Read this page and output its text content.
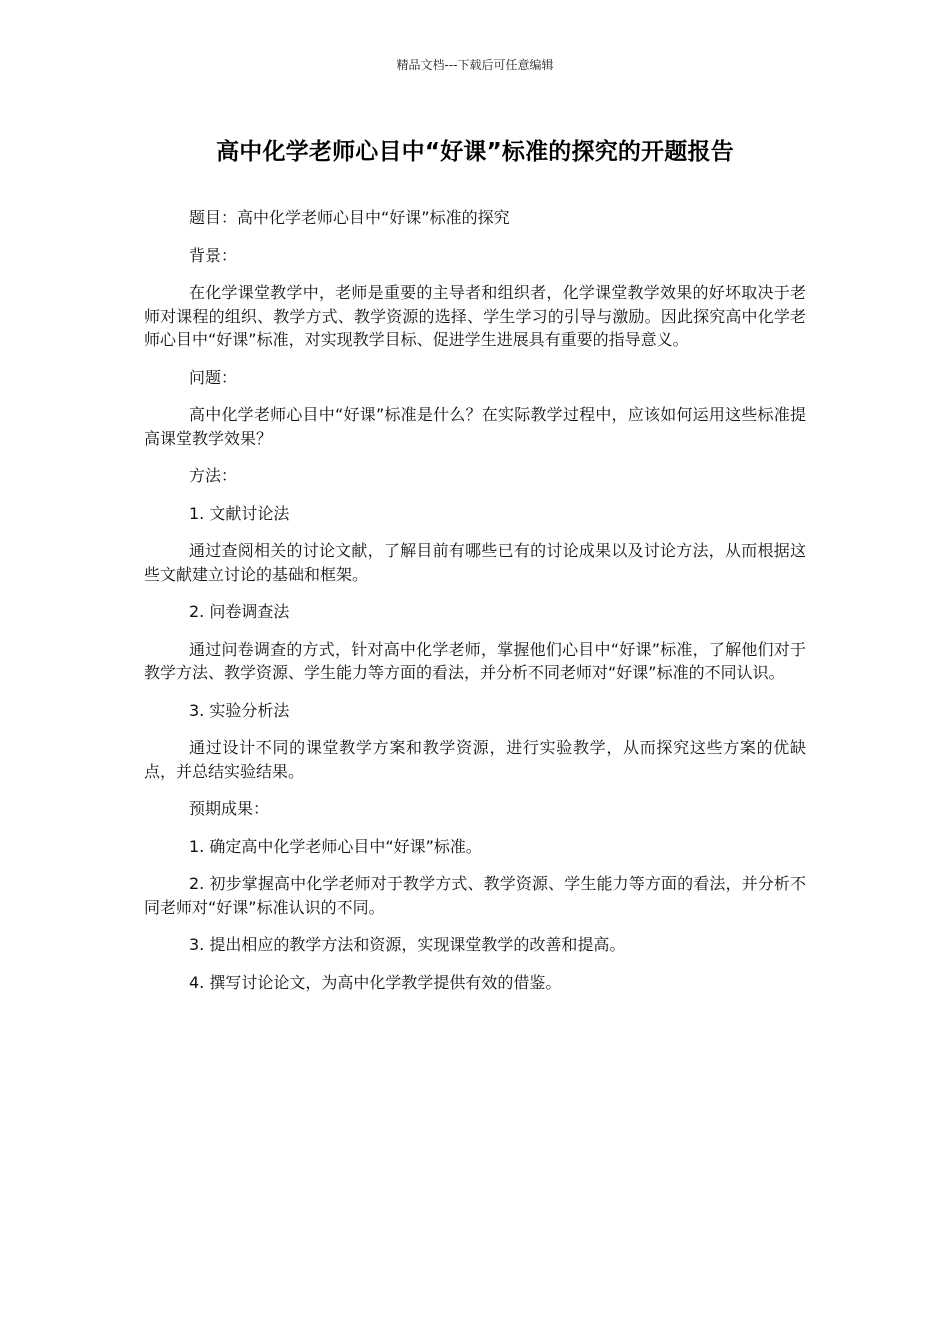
精品文档---下载后可任意编辑
高中化学老师心目中“好课”标准的探究的开题报告

题目：高中化学老师心目中“好课”标准的探究

背景：

在化学课堂教学中，老师是重要的主导者和组织者，化学课堂教学效果的好坏取决于老师对课程的组织、教学方式、教学资源的选择、学生学习的引导与激励。因此探究高中化学老师心目中“好课”标准，对实现教学目标、促进学生进展具有重要的指导意义。

问题：

高中化学老师心目中“好课”标准是什么？在实际教学过程中，应该如何运用这些标准提高课堂教学效果？

方法：

1. 文献讨论法

通过查阅相关的讨论文献，了解目前有哪些已有的讨论成果以及讨论方法，从而根据这些文献建立讨论的基础和框架。

2. 问卷调查法

通过问卷调查的方式，针对高中化学老师，掌握他们心目中“好课”标准，了解他们对于教学方法、教学资源、学生能力等方面的看法，并分析不同老师对“好课”标准的不同认识。

3. 实验分析法

通过设计不同的课堂教学方案和教学资源，进行实验教学，从而探究这些方案的优缺点，并总结实验结果。

预期成果：

1. 确定高中化学老师心目中“好课”标准。

2. 初步掌握高中化学老师对于教学方式、教学资源、学生能力等方面的看法，并分析不同老师对“好课”标准认识的不同。

3. 提出相应的教学方法和资源，实现课堂教学的改善和提高。

4. 撰写讨论论文，为高中化学教学提供有效的借鉴。
